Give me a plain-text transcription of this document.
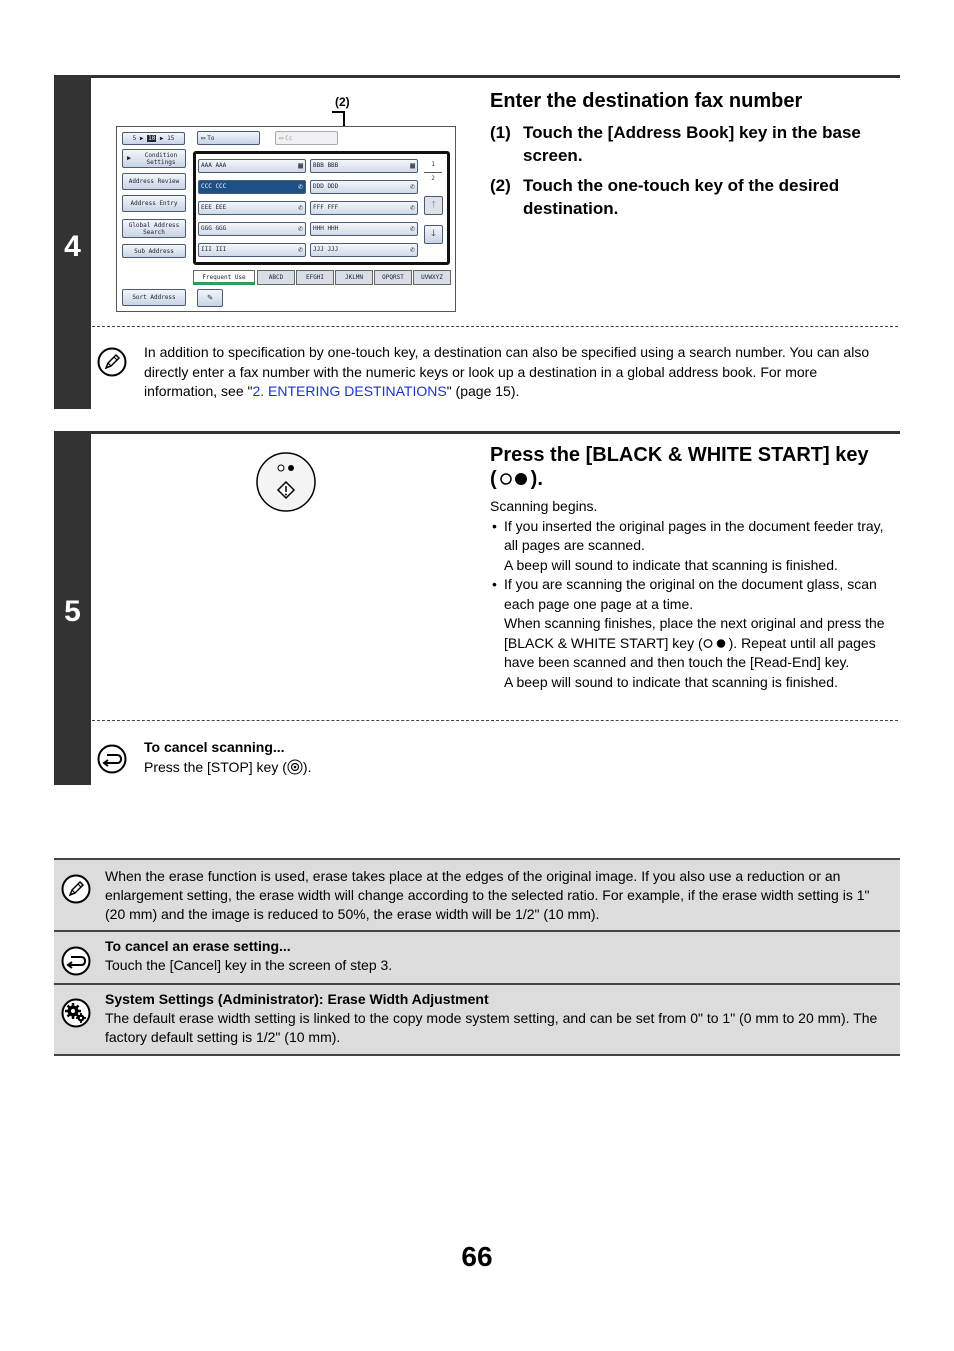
4
(2)
5 ▶ 10 ▶ 15	▭ To	▭ Cc
▶	Condition Settings
Address Review
Address Entry
Global Address Search
Sub Address
Sort Address
AAA AAA	▦	BBB BBB	▦
CCC CCC	✆	DDD DDD	✆
EEE EEE	✆	FFF FFF	✆
GGG GGG	✆	HHH HHH	✆
III III	✆	JJJ JJJ	✆
1
2
🡑
🡓
Frequent Use	ABCD	EFGHI	JKLMN	OPQRST	UVWXYZ
✎
Enter the destination fax number
(1) Touch the [Address Book] key in the base screen.
(2) Touch the one-touch key of the desired destination.
In addition to specification by one-touch key, a destination can also be specified using a search number. You can also directly enter a fax number with the numeric keys or look up a destination in a global address book. For more information, see "2. ENTERING DESTINATIONS" (page 15).
5
Press the [BLACK & WHITE START] key
( ).
Scanning begins.
• If you inserted the original pages in the document feeder tray, all pages are scanned.
A beep will sound to indicate that scanning is finished.
• If you are scanning the original on the document glass, scan each page one page at a time.
When scanning finishes, place the next original and press the [BLACK & WHITE START] key ( ). Repeat until all pages have been scanned and then touch the [Read-End] key.
A beep will sound to indicate that scanning is finished.
To cancel scanning...
Press the [STOP] key ( ).
When the erase function is used, erase takes place at the edges of the original image. If you also use a reduction or an enlargement setting, the erase width will change according to the selected ratio. For example, if the erase width setting is 1" (20 mm) and the image is reduced to 50%, the erase width will be 1/2" (10 mm).
To cancel an erase setting...
Touch the [Cancel] key in the screen of step 3.
System Settings (Administrator): Erase Width Adjustment
The default erase width setting is linked to the copy mode system setting, and can be set from 0" to 1" (0 mm to 20 mm). The factory default setting is 1/2" (10 mm).
66
